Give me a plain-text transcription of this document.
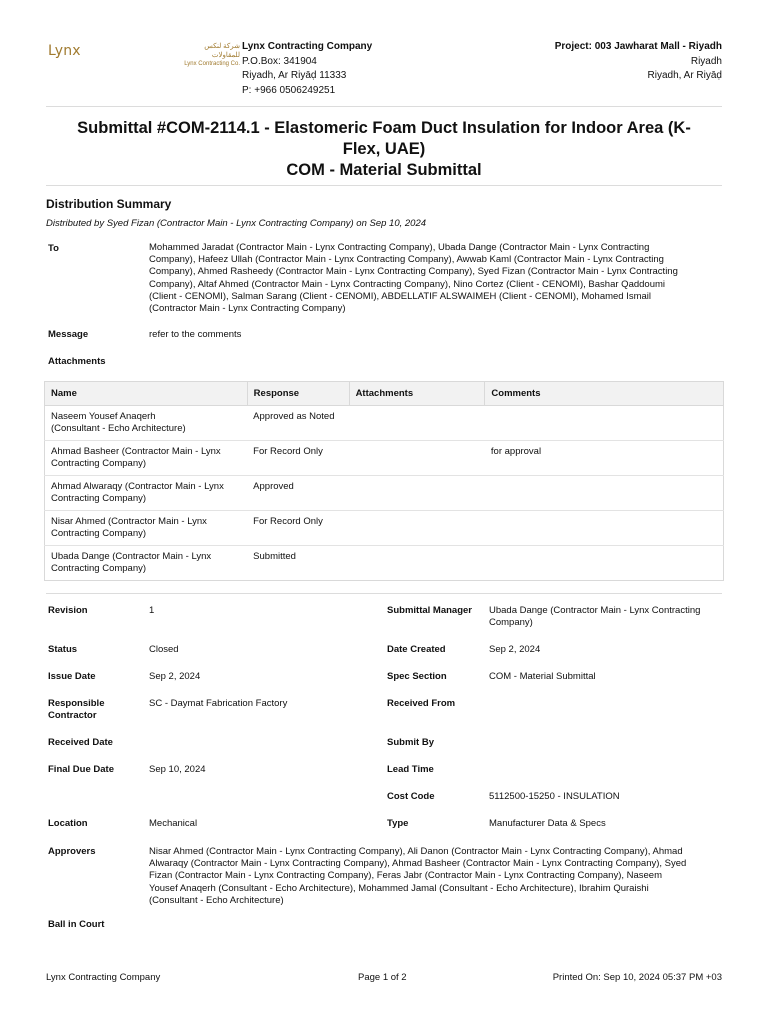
Lynx	شركة لنكس للمقاولات
Lynx Contracting Co.
Lynx Contracting Company
P.O.Box: 341904
Riyadh, Ar Riyāḍ 11333
P: +966 0506249251
Project: 003 Jawharat Mall - Riyadh
Riyadh
Riyadh, Ar Riyāḍ
Submittal #COM-2114.1 - Elastomeric Foam Duct Insulation for Indoor Area (K-
Flex, UAE)
COM - Material Submittal
Distribution Summary
Distributed by Syed Fizan (Contractor Main - Lynx Contracting Company) on Sep 10, 2024
To	Mohammed Jaradat (Contractor Main - Lynx Contracting Company), Ubada Dange (Contractor Main - Lynx Contracting
Company), Hafeez Ullah (Contractor Main - Lynx Contracting Company), Awwab Kaml (Contractor Main - Lynx Contracting
Company), Ahmed Rasheedy (Contractor Main - Lynx Contracting Company), Syed Fizan (Contractor Main - Lynx Contracting
Company), Altaf Ahmed (Contractor Main - Lynx Contracting Company), Nino Cortez (Client - CENOMI), Bashar Qaddoumi
(Client - CENOMI), Salman Sarang (Client - CENOMI), ABDELLATIF ALSWAIMEH (Client - CENOMI), Mohamed Ismail
(Contractor Main - Lynx Contracting Company)
Message	refer to the comments
Attachments
Name	Response	Attachments	Comments

Naseem Yousef Anaqerh
(Consultant - Echo Architecture)	Approved as Noted		

Ahmad Basheer (Contractor Main - Lynx
Contracting Company)	For Record Only		for approval

Ahmad Alwaraqy (Contractor Main - Lynx
Contracting Company)	Approved		

Nisar Ahmed (Contractor Main - Lynx
Contracting Company)	For Record Only		

Ubada Dange (Contractor Main - Lynx
Contracting Company)	Submitted		
Revision	1
Status	Closed
Issue Date	Sep 2, 2024
Responsible
Contractor
SC - Daymat Fabrication Factory
Received Date
Final Due Date	Sep 10, 2024
Location	Mechanical
Submittal Manager Ubada Dange (Contractor Main - Lynx Contracting
Company)
Date Created	Sep 2, 2024
Spec Section	COM - Material Submittal
Received From
Submit By
Lead Time
Cost Code	5112500-15250 - INSULATION
Type	Manufacturer Data & Specs
Approvers	Nisar Ahmed (Contractor Main - Lynx Contracting Company), Ali Danon (Contractor Main - Lynx Contracting Company), Ahmad
Alwaraqy (Contractor Main - Lynx Contracting Company), Ahmad Basheer (Contractor Main - Lynx Contracting Company), Syed
Fizan (Contractor Main - Lynx Contracting Company), Feras Jabr (Contractor Main - Lynx Contracting Company), Naseem
Yousef Anaqerh (Consultant - Echo Architecture), Mohammed Jamal (Consultant - Echo Architecture), Ibrahim Quraishi
(Consultant - Echo Architecture)
Ball in Court
Lynx Contracting Company	Page 1 of 2	Printed On: Sep 10, 2024 05:37 PM +03
